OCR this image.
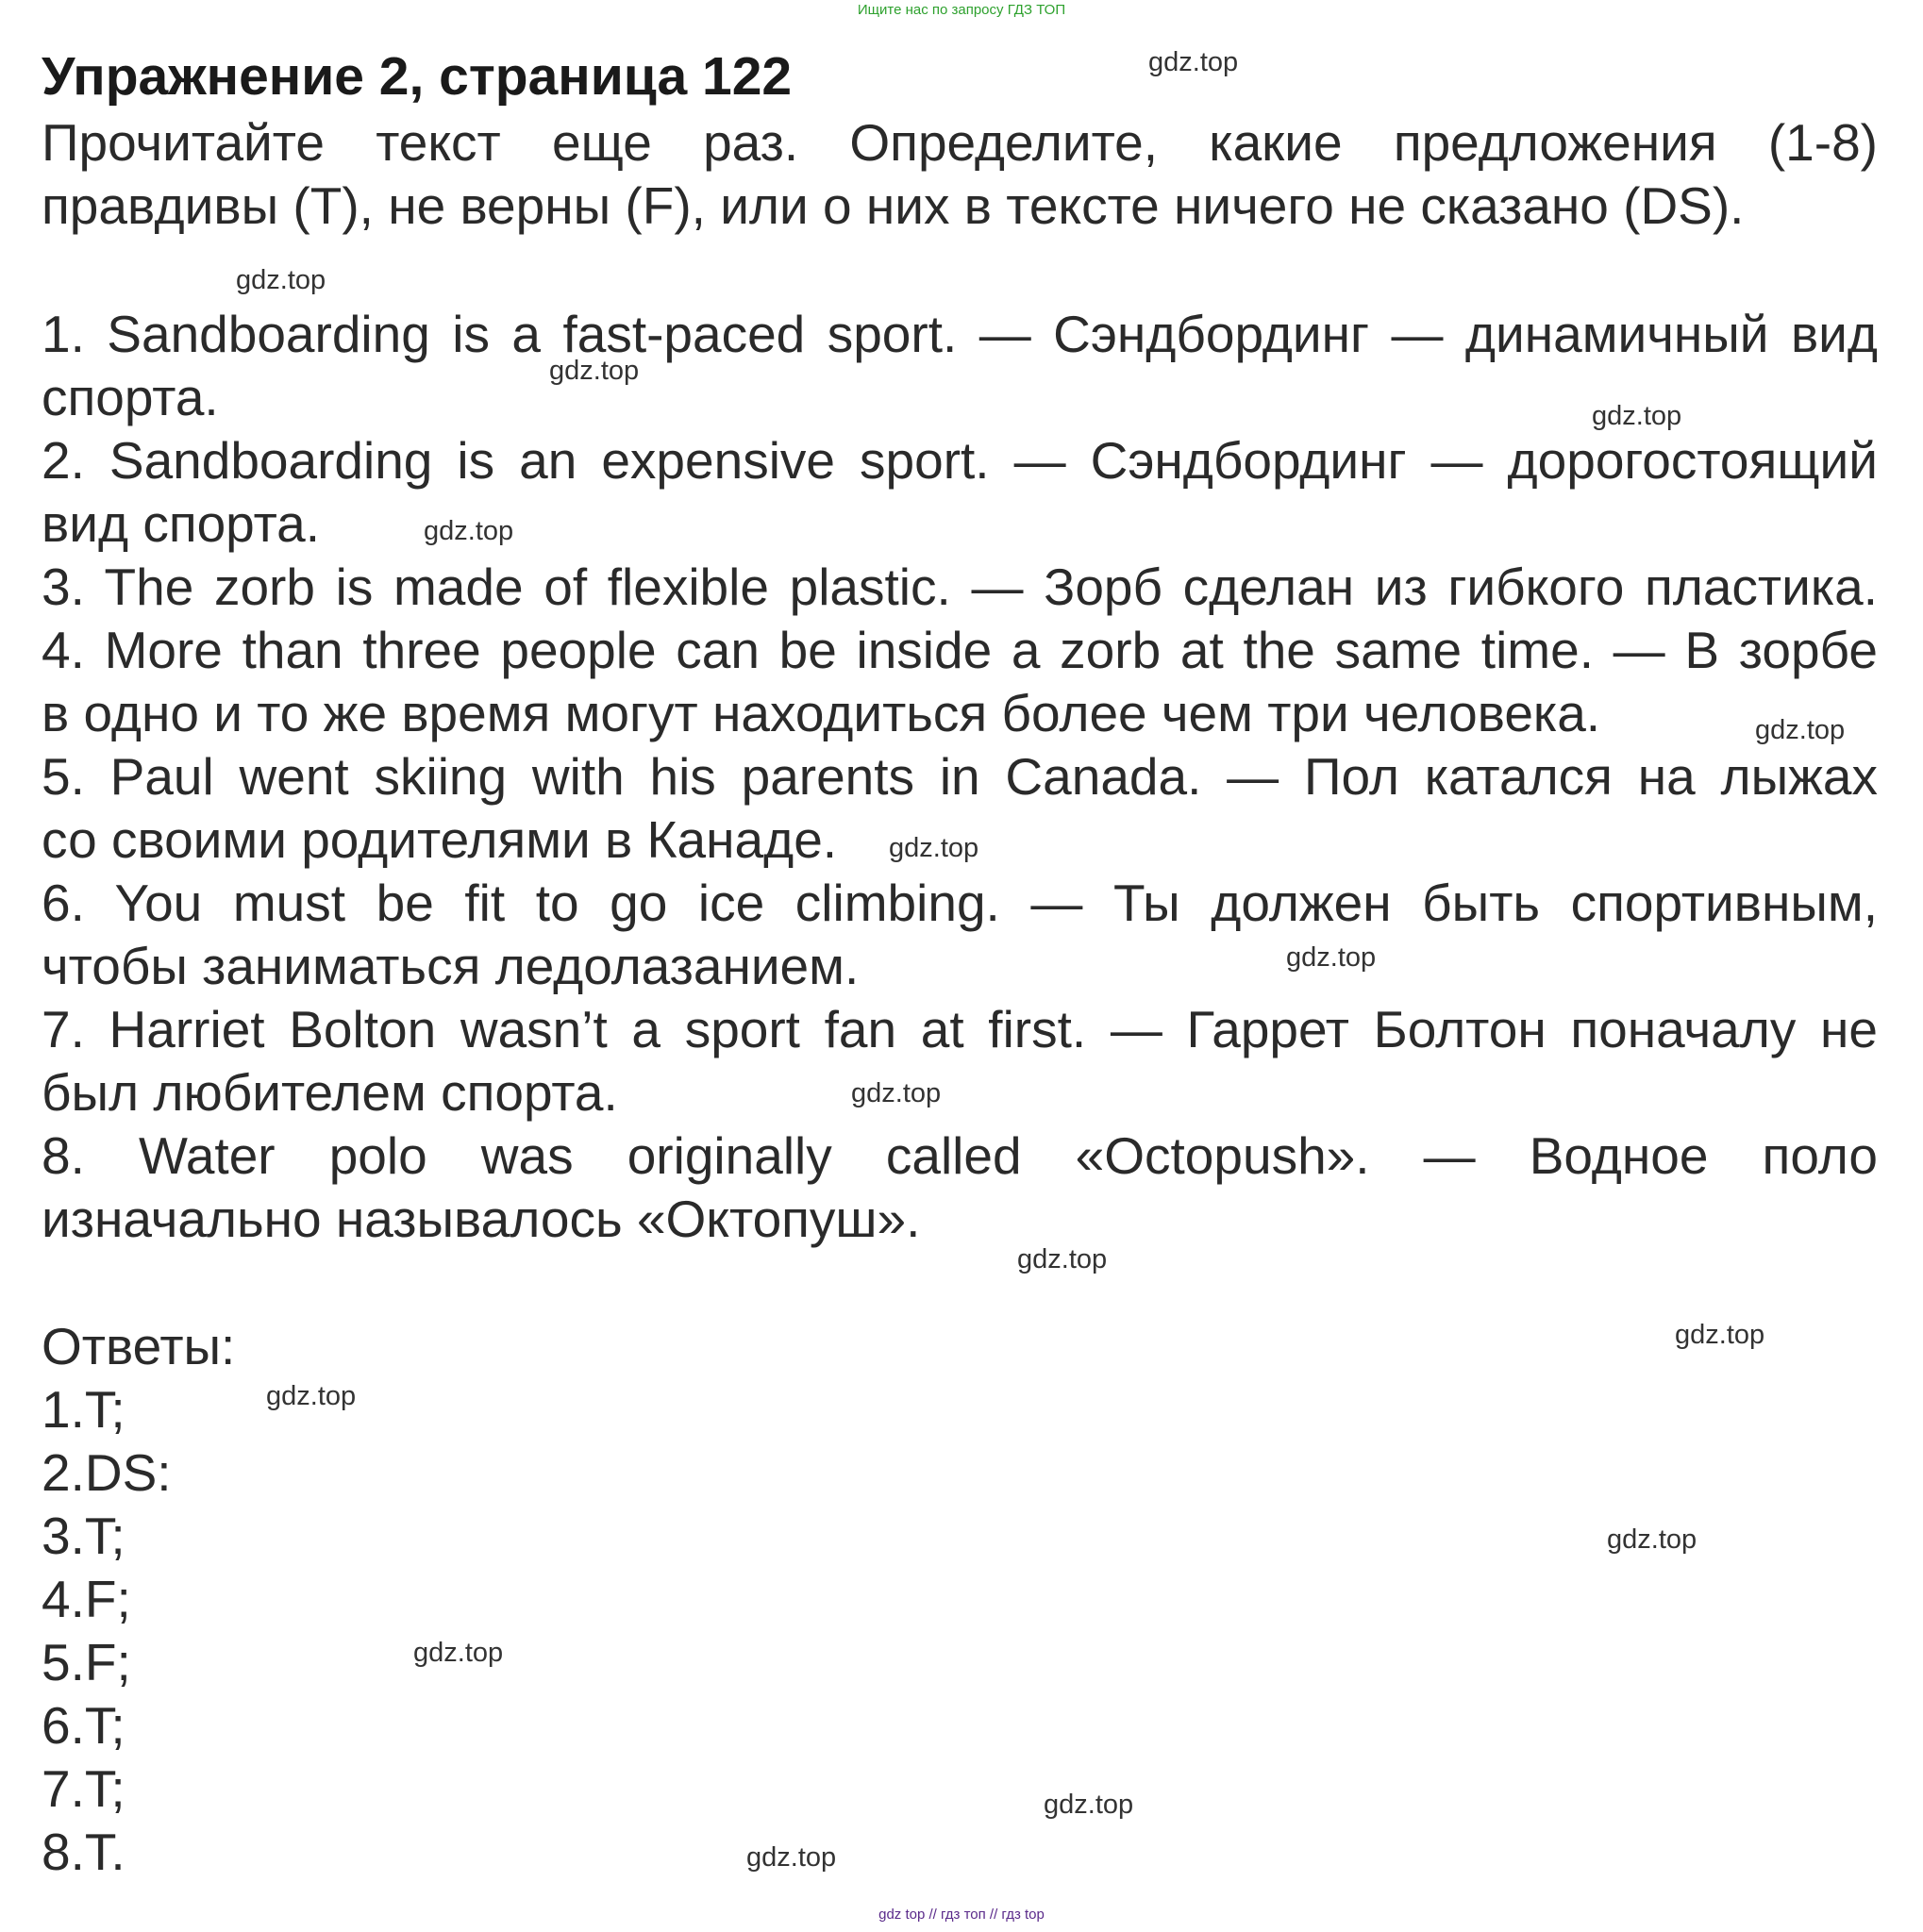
Ищите нас по запросу ГДЗ ТОП
Упражнение 2, страница 122
Прочитайте текст еще раз. Определите, какие предложения (1-8)
правдивы (T), не верны (F), или о них в тексте ничего не сказано (DS).
1. Sandboarding is a fast-paced sport. — Сэндбординг — динамичный вид
спорта.
2. Sandboarding is an expensive sport. — Сэндбординг — дорогостоящий
вид спорта.
3. The zorb is made of flexible plastic. — Зорб сделан из гибкого пластика.
4. More than three people can be inside a zorb at the same time. — В зорбе
в одно и то же время могут находиться более чем три человека.
5. Paul went skiing with his parents in Canada. — Пол катался на лыжах
со своими родителями в Канаде.
6. You must be fit to go ice climbing. — Ты должен быть спортивным,
чтобы заниматься ледолазанием.
7. Harriet Bolton wasn’t a sport fan at first. — Гаррет Болтон поначалу не
был любителем спорта.
8. Water polo was originally called «Octopush». — Водное поло
изначально называлось «Октопуш».
Ответы:
1.T;
2.DS:
3.T;
4.F;
5.F;
6.T;
7.T;
8.T.
gdz.top
gdz.top
gdz.top
gdz.top
gdz.top
gdz.top
gdz.top
gdz.top
gdz.top
gdz.top
gdz.top
gdz.top
gdz.top
gdz.top
gdz.top
gdz.top
gdz top // гдз топ // гдз top
